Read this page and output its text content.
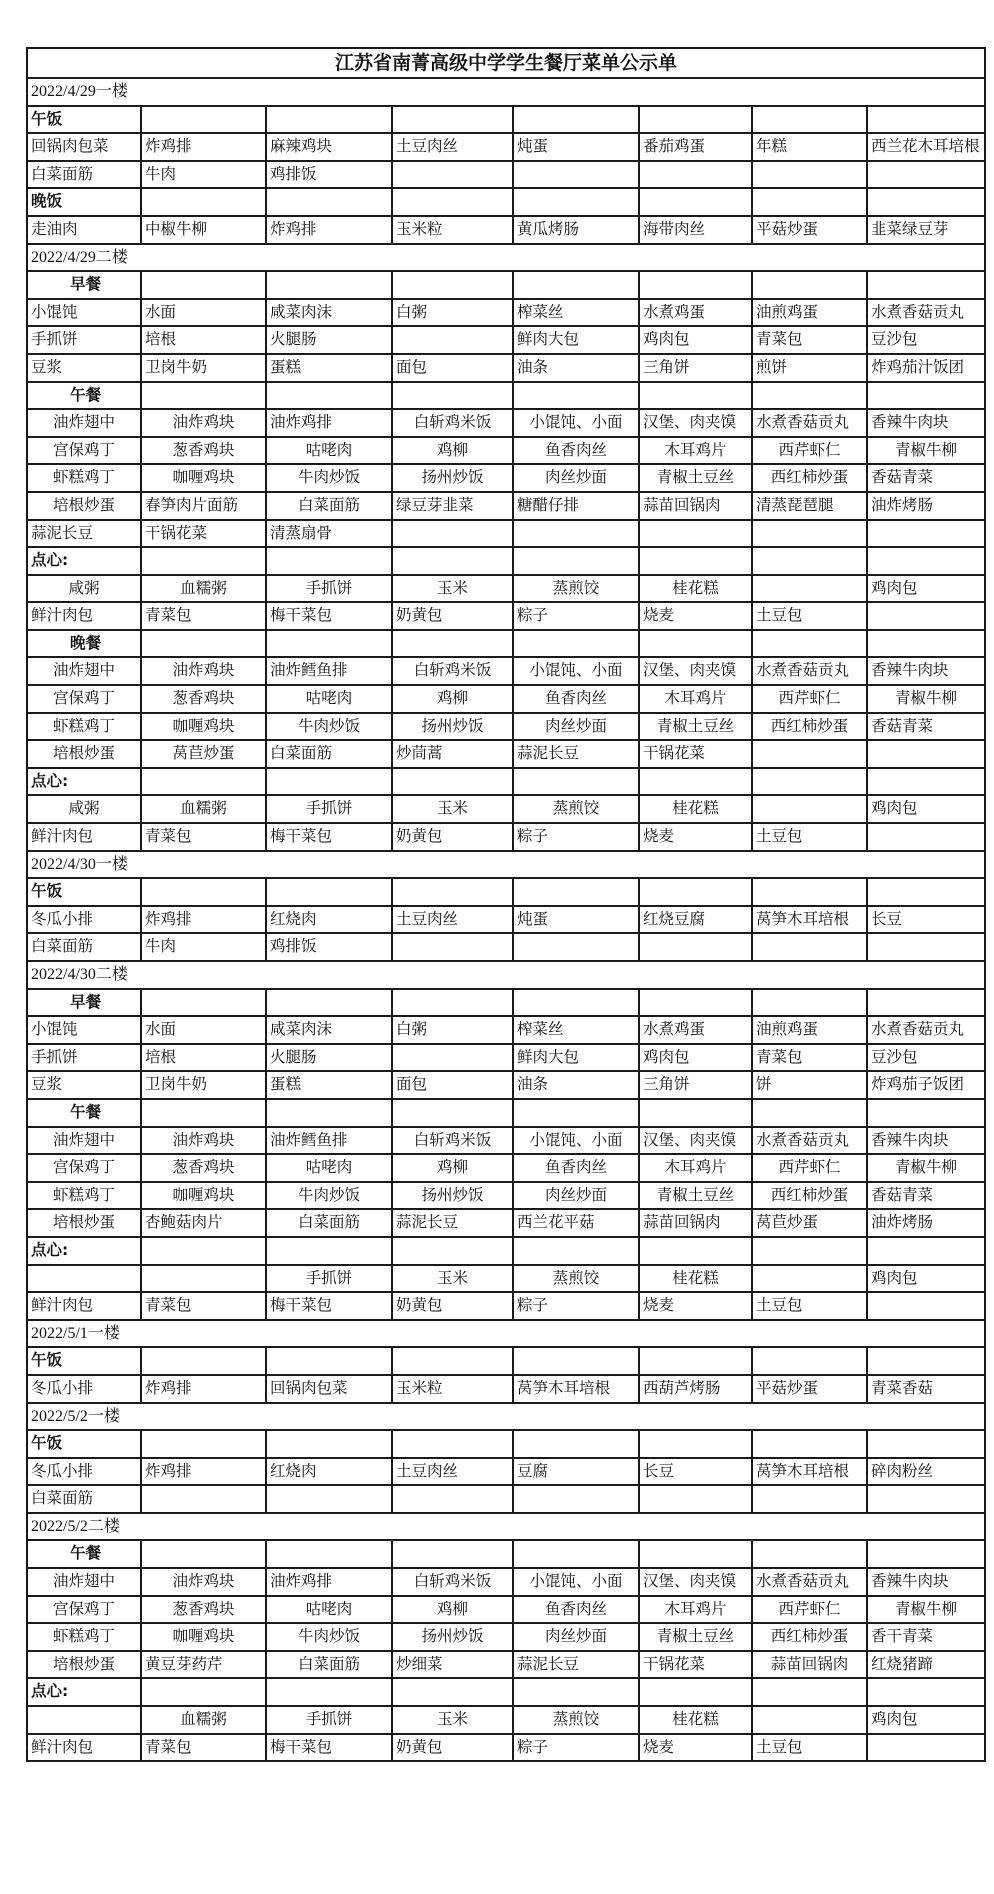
江苏省南菁高级中学学生餐厅菜单公示单							
2022/4/29一楼							
午饭							
回锅肉包菜	炸鸡排	麻辣鸡块	土豆肉丝	炖蛋	番茄鸡蛋	年糕	西兰花木耳培根
白菜面筋	牛肉	鸡排饭					
晚饭							
走油肉	中椒牛柳	炸鸡排	玉米粒	黄瓜烤肠	海带肉丝	平菇炒蛋	韭菜绿豆芽
2022/4/29二楼							
早餐							
小馄饨	水面	咸菜肉沫	白粥	榨菜丝	水煮鸡蛋	油煎鸡蛋	水煮香菇贡丸
手抓饼	培根	火腿肠		鲜肉大包	鸡肉包	青菜包	豆沙包
豆浆	卫岗牛奶	蛋糕	面包	油条	三角饼	煎饼	炸鸡茄汁饭团
午餐							
油炸翅中	油炸鸡块	油炸鸡排	白斩鸡米饭	小馄饨、小面	汉堡、肉夹馍	水煮香菇贡丸	香辣牛肉块
宫保鸡丁	葱香鸡块	咕咾肉	鸡柳	鱼香肉丝	木耳鸡片	西芹虾仁	青椒牛柳
虾糕鸡丁	咖喱鸡块	牛肉炒饭	扬州炒饭	肉丝炒面	青椒土豆丝	西红柿炒蛋	香菇青菜
培根炒蛋	春笋肉片面筋	白菜面筋	绿豆芽韭菜	糖醋仔排	蒜苗回锅肉	清蒸琵琶腿	油炸烤肠
蒜泥长豆	干锅花菜	清蒸扇骨					
点心:							
咸粥	血糯粥	手抓饼	玉米	蒸煎饺	桂花糕		鸡肉包
鲜汁肉包	青菜包	梅干菜包	奶黄包	粽子	烧麦	土豆包	
晚餐							
油炸翅中	油炸鸡块	油炸鳕鱼排	白斩鸡米饭	小馄饨、小面	汉堡、肉夹馍	水煮香菇贡丸	香辣牛肉块
宫保鸡丁	葱香鸡块	咕咾肉	鸡柳	鱼香肉丝	木耳鸡片	西芹虾仁	青椒牛柳
虾糕鸡丁	咖喱鸡块	牛肉炒饭	扬州炒饭	肉丝炒面	青椒土豆丝	西红柿炒蛋	香菇青菜
培根炒蛋	莴苣炒蛋	白菜面筋	炒茼蒿	蒜泥长豆	干锅花菜		
点心:							
咸粥	血糯粥	手抓饼	玉米	蒸煎饺	桂花糕		鸡肉包
鲜汁肉包	青菜包	梅干菜包	奶黄包	粽子	烧麦	土豆包	
2022/4/30一楼							
午饭							
冬瓜小排	炸鸡排	红烧肉	土豆肉丝	炖蛋	红烧豆腐	莴笋木耳培根	长豆
白菜面筋	牛肉	鸡排饭					
2022/4/30二楼							
早餐							
小馄饨	水面	咸菜肉沫	白粥	榨菜丝	水煮鸡蛋	油煎鸡蛋	水煮香菇贡丸
手抓饼	培根	火腿肠		鲜肉大包	鸡肉包	青菜包	豆沙包
豆浆	卫岗牛奶	蛋糕	面包	油条	三角饼	饼	炸鸡茄子饭团
午餐							
油炸翅中	油炸鸡块	油炸鳕鱼排	白斩鸡米饭	小馄饨、小面	汉堡、肉夹馍	水煮香菇贡丸	香辣牛肉块
宫保鸡丁	葱香鸡块	咕咾肉	鸡柳	鱼香肉丝	木耳鸡片	西芹虾仁	青椒牛柳
虾糕鸡丁	咖喱鸡块	牛肉炒饭	扬州炒饭	肉丝炒面	青椒土豆丝	西红柿炒蛋	香菇青菜
培根炒蛋	杏鲍菇肉片	白菜面筋	蒜泥长豆	西兰花平菇	蒜苗回锅肉	莴苣炒蛋	油炸烤肠
点心:							
		手抓饼	玉米	蒸煎饺	桂花糕		鸡肉包
鲜汁肉包	青菜包	梅干菜包	奶黄包	粽子	烧麦	土豆包	
2022/5/1一楼							
午饭							
冬瓜小排	炸鸡排	回锅肉包菜	玉米粒	莴笋木耳培根	西葫芦烤肠	平菇炒蛋	青菜香菇
2022/5/2一楼							
午饭							
冬瓜小排	炸鸡排	红烧肉	土豆肉丝	豆腐	长豆	莴笋木耳培根	碎肉粉丝
白菜面筋							
2022/5/2二楼							
午餐							
油炸翅中	油炸鸡块	油炸鸡排	白斩鸡米饭	小馄饨、小面	汉堡、肉夹馍	水煮香菇贡丸	香辣牛肉块
宫保鸡丁	葱香鸡块	咕咾肉	鸡柳	鱼香肉丝	木耳鸡片	西芹虾仁	青椒牛柳
虾糕鸡丁	咖喱鸡块	牛肉炒饭	扬州炒饭	肉丝炒面	青椒土豆丝	西红柿炒蛋	香干青菜
培根炒蛋	黄豆芽药芹	白菜面筋	炒细菜	蒜泥长豆	干锅花菜	蒜苗回锅肉	红烧猪蹄
点心:							
	血糯粥	手抓饼	玉米	蒸煎饺	桂花糕		鸡肉包
鲜汁肉包	青菜包	梅干菜包	奶黄包	粽子	烧麦	土豆包	
